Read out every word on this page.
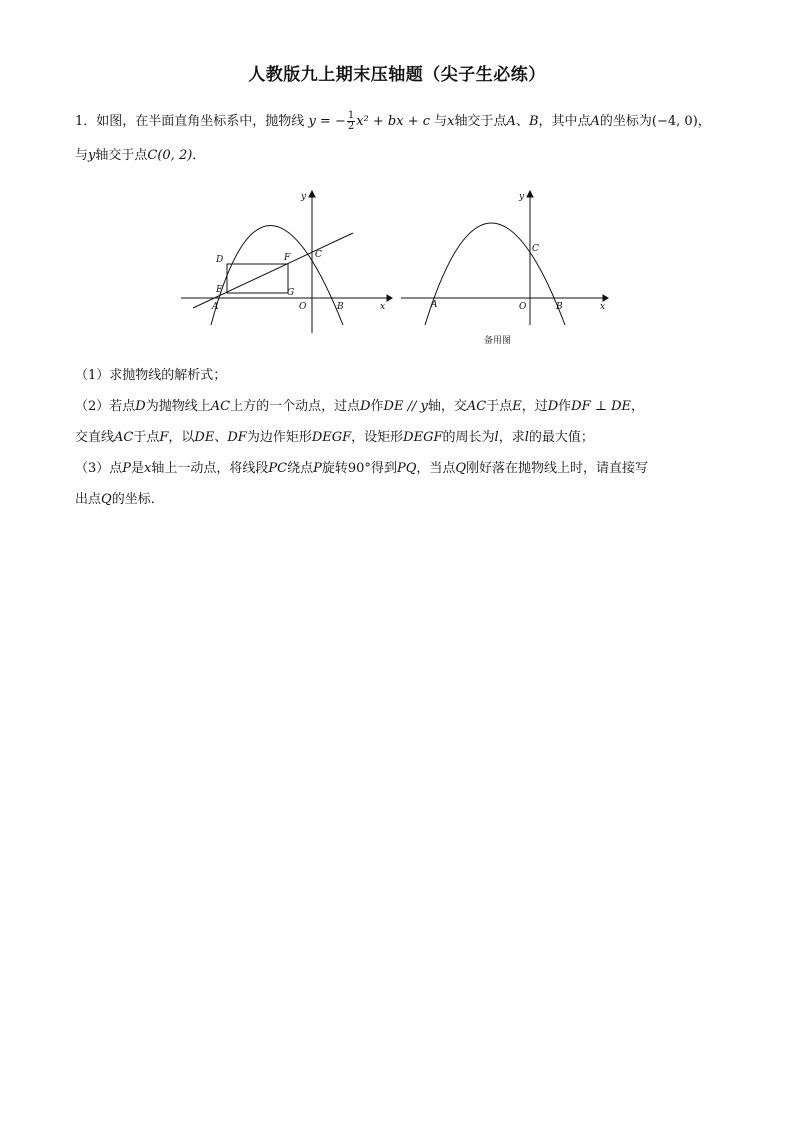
人教版九上期末压轴题（尖子生必练）
1．如图，在半面直角坐标系中，抛物线 y = − $\frac{1}{2} x^2$ + bx + c 与x轴交于点A、B，其中点A的坐标为(−4, 0)，
与y轴交于点C(0, 2)．
y
x
O
A	B
C
D
E
F
G
y
x
O
A	B
C
备用图
（1）求抛物线的解析式；
（2）若点D为抛物线上AC上方的一个动点，过点D作DE // y轴，交AC于点E，过D作DF ⊥ DE，
交直线AC于点F，以DE、DF为边作矩形DEGF，设矩形DEGF的周长为l，求l的最大值；
（3）点P是x轴上一动点，将线段PC绕点P旋转90°得到PQ，当点Q刚好落在抛物线上时，请直接写
出点Q的坐标．
